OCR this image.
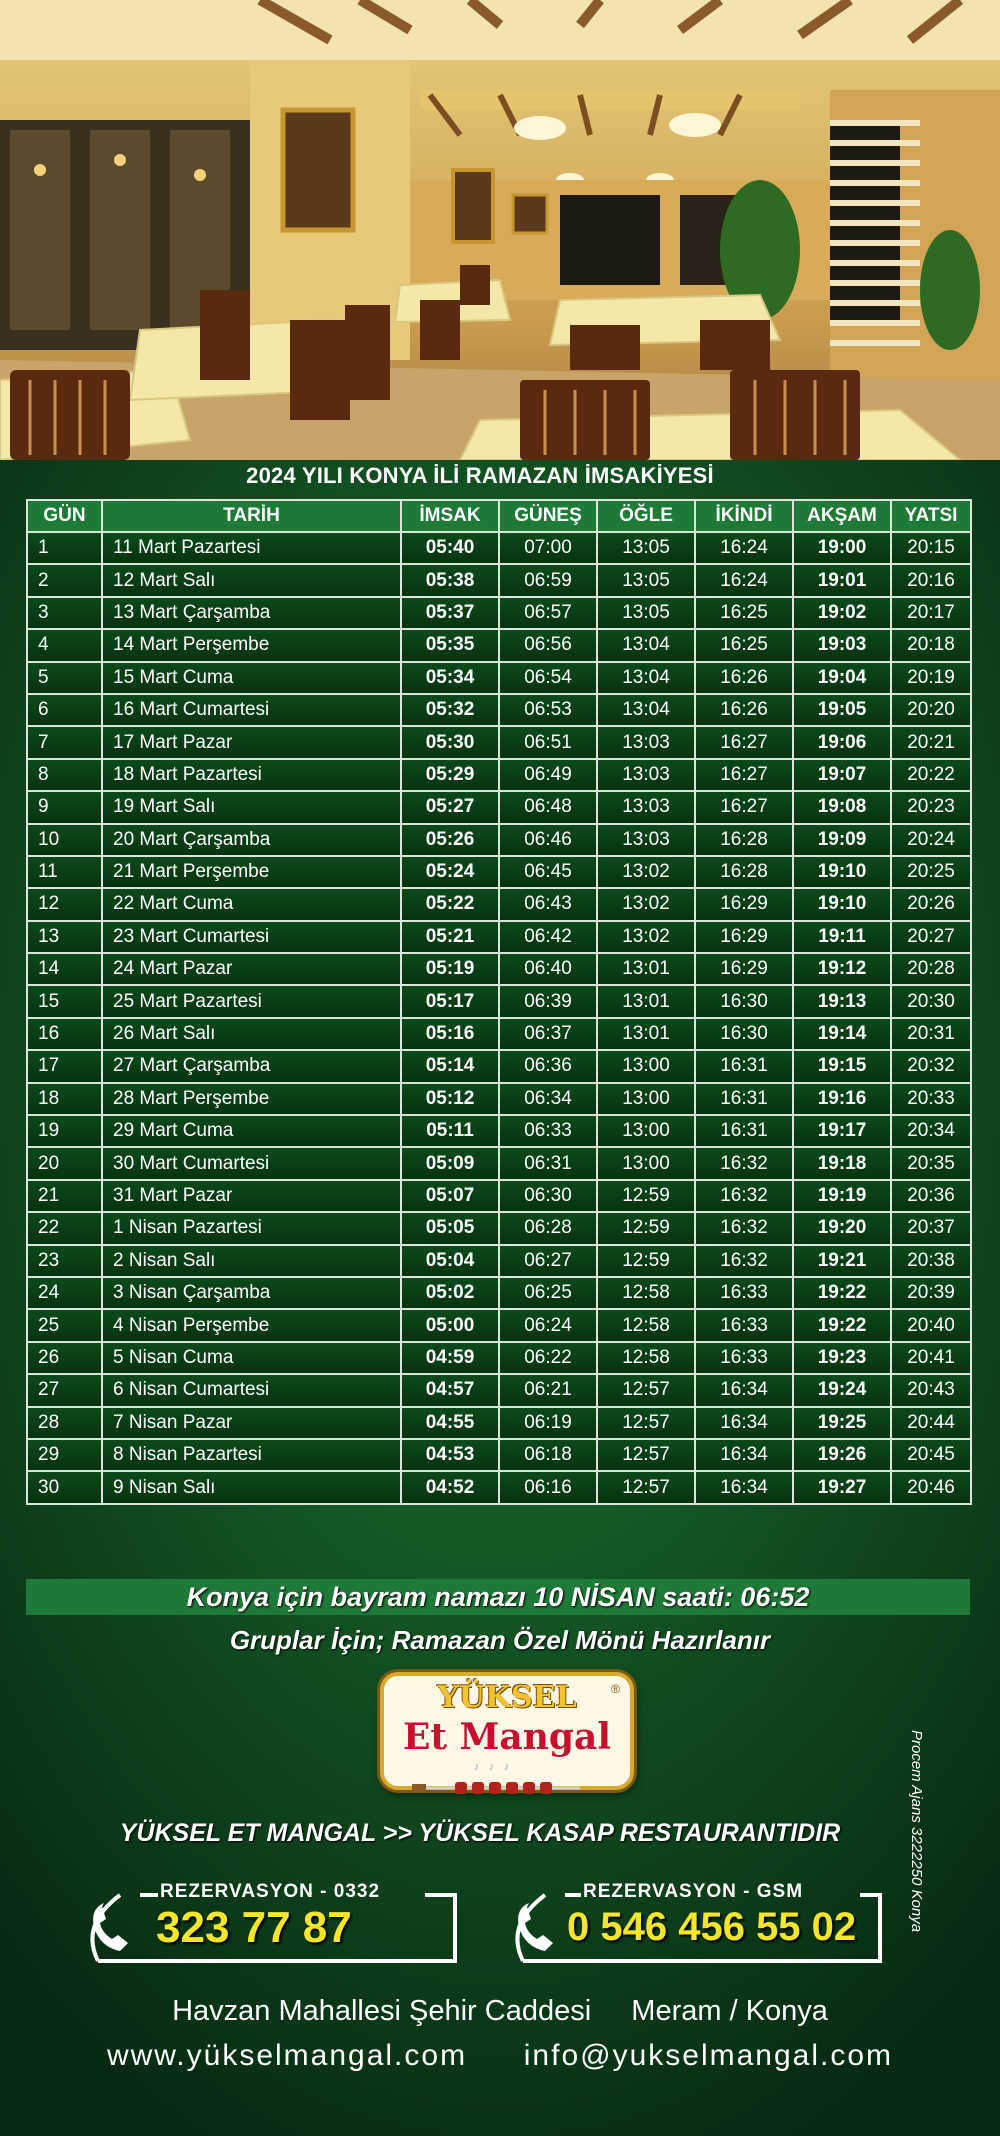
2024 YILI KONYA İLİ RAMAZAN İMSAKİYESİ
GÜN	TARİH	İMSAK	GÜNEŞ	ÖĞLE	İKİNDİ	AKŞAM	YATSI
1	11 Mart Pazartesi	05:40	07:00	13:05	16:24	19:00	20:15
2	12 Mart Salı	05:38	06:59	13:05	16:24	19:01	20:16
3	13 Mart Çarşamba	05:37	06:57	13:05	16:25	19:02	20:17
4	14 Mart Perşembe	05:35	06:56	13:04	16:25	19:03	20:18
5	15 Mart Cuma	05:34	06:54	13:04	16:26	19:04	20:19
6	16 Mart Cumartesi	05:32	06:53	13:04	16:26	19:05	20:20
7	17 Mart Pazar	05:30	06:51	13:03	16:27	19:06	20:21
8	18 Mart Pazartesi	05:29	06:49	13:03	16:27	19:07	20:22
9	19 Mart Salı	05:27	06:48	13:03	16:27	19:08	20:23
10	20 Mart Çarşamba	05:26	06:46	13:03	16:28	19:09	20:24
11	21 Mart Perşembe	05:24	06:45	13:02	16:28	19:10	20:25
12	22 Mart Cuma	05:22	06:43	13:02	16:29	19:10	20:26
13	23 Mart Cumartesi	05:21	06:42	13:02	16:29	19:11	20:27
14	24 Mart Pazar	05:19	06:40	13:01	16:29	19:12	20:28
15	25 Mart Pazartesi	05:17	06:39	13:01	16:30	19:13	20:30
16	26 Mart Salı	05:16	06:37	13:01	16:30	19:14	20:31
17	27 Mart Çarşamba	05:14	06:36	13:00	16:31	19:15	20:32
18	28 Mart Perşembe	05:12	06:34	13:00	16:31	19:16	20:33
19	29 Mart Cuma	05:11	06:33	13:00	16:31	19:17	20:34
20	30 Mart Cumartesi	05:09	06:31	13:00	16:32	19:18	20:35
21	31 Mart Pazar	05:07	06:30	12:59	16:32	19:19	20:36
22	1 Nisan Pazartesi	05:05	06:28	12:59	16:32	19:20	20:37
23	2 Nisan Salı	05:04	06:27	12:59	16:32	19:21	20:38
24	3 Nisan Çarşamba	05:02	06:25	12:58	16:33	19:22	20:39
25	4 Nisan Perşembe	05:00	06:24	12:58	16:33	19:22	20:40
26	5 Nisan Cuma	04:59	06:22	12:58	16:33	19:23	20:41
27	6 Nisan Cumartesi	04:57	06:21	12:57	16:34	19:24	20:43
28	7 Nisan Pazar	04:55	06:19	12:57	16:34	19:25	20:44
29	8 Nisan Pazartesi	04:53	06:18	12:57	16:34	19:26	20:45
30	9 Nisan Salı	04:52	06:16	12:57	16:34	19:27	20:46
Konya için bayram namazı 10 NİSAN saati: 06:52
Gruplar İçin; Ramazan Özel Mönü Hazırlanır
YÜKSEL
Et Mangal
®
Procem Ajans 3222250 Konya
YÜKSEL ET MANGAL >> YÜKSEL KASAP RESTAURANTIDIR
REZERVASYON - 0332
323 77 87
REZERVASYON - GSM
0 546 456 55 02
Havzan Mahallesi Şehir Caddesi Meram / Konya
www.yükselmangal.com info@yukselmangal.com
